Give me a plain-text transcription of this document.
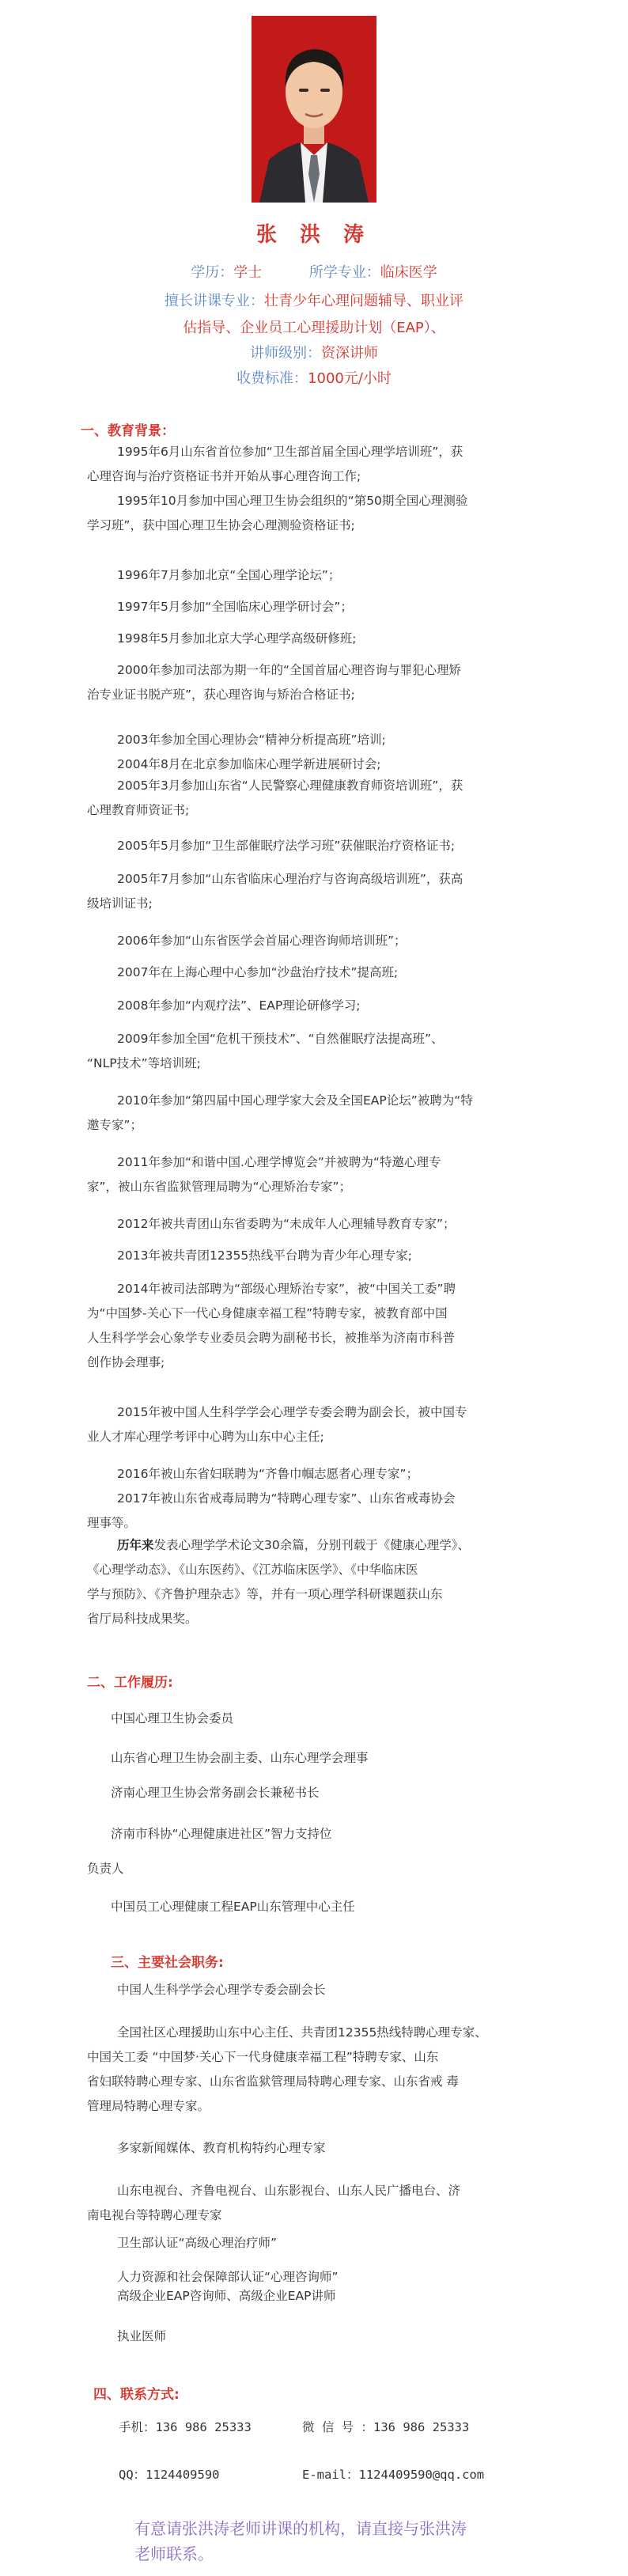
张 洪 涛
学历：学士	所学专业：临床医学
擅长讲课专业：壮青少年心理问题辅导、职业评
估指导、企业员工心理援助计划（EAP）、
讲师级别：资深讲师
收费标准：1000元/小时
一、教育背景：
1995年6月山东省首位参加“卫生部首届全国心理学培训班”，获
心理咨询与治疗资格证书并开始从事心理咨询工作;
1995年10月参加中国心理卫生协会组织的“第50期全国心理测验
学习班”，获中国心理卫生协会心理测验资格证书;
1996年7月参加北京“全国心理学论坛”；
1997年5月参加“全国临床心理学研讨会”；
1998年5月参加北京大学心理学高级研修班;
2000年参加司法部为期一年的“全国首届心理咨询与罪犯心理矫
治专业证书脱产班”，获心理咨询与矫治合格证书;
2003年参加全国心理协会“精神分析提高班”培训;
2004年8月在北京参加临床心理学新进展研讨会;
2005年3月参加山东省“人民警察心理健康教育师资培训班”，获
心理教育师资证书;
2005年5月参加“卫生部催眠疗法学习班”获催眠治疗资格证书;
2005年7月参加“山东省临床心理治疗与咨询高级培训班”，获高
级培训证书;
2006年参加“山东省医学会首届心理咨询师培训班”；
2007年在上海心理中心参加“沙盘治疗技术”提高班;
2008年参加“内观疗法”、EAP理论研修学习;
2009年参加全国“危机干预技术”、“自然催眠疗法提高班”、
“NLP技术”等培训班;
2010年参加“第四届中国心理学家大会及全国EAP论坛”被聘为“特
邀专家”；
2011年参加“和谐中国.心理学博览会”并被聘为“特邀心理专
家”，被山东省监狱管理局聘为“心理矫治专家”；
2012年被共青团山东省委聘为“未成年人心理辅导教育专家”；
2013年被共青团12355热线平台聘为青少年心理专家;
2014年被司法部聘为“部级心理矫治专家”，被“中国关工委”聘
为“中国梦-关心下一代心身健康幸福工程”特聘专家，被教育部中国
人生科学学会心象学专业委员会聘为副秘书长，被推举为济南市科普
创作协会理事;
2015年被中国人生科学学会心理学专委会聘为副会长，被中国专
业人才库心理学考评中心聘为山东中心主任;
2016年被山东省妇联聘为“齐鲁巾帼志愿者心理专家”；
2017年被山东省戒毒局聘为“特聘心理专家”、山东省戒毒协会
理事等。
历年来发表心理学学术论文30余篇，分别刊载于《健康心理学》、
《心理学动态》、《山东医药》、《江苏临床医学》、《中华临床医
学与预防》、《齐鲁护理杂志》等，并有一项心理学科研课题获山东
省厅局科技成果奖。
二、工作履历:
中国心理卫生协会委员
山东省心理卫生协会副主委、山东心理学会理事
济南心理卫生协会常务副会长兼秘书长
济南市科协“心理健康进社区”智力支持位
负责人
中国员工心理健康工程EAP山东管理中心主任
三、主要社会职务:
中国人生科学学会心理学专委会副会长
全国社区心理援助山东中心主任、共青团12355热线特聘心理专家、
中国关工委 “中国梦·关心下一代身健康幸福工程”特聘专家、山东
省妇联特聘心理专家、山东省监狱管理局特聘心理专家、山东省戒 毒
管理局特聘心理专家。
多家新闻媒体、教育机构特约心理专家
山东电视台、齐鲁电视台、山东影视台、山东人民广播电台、济
南电视台等特聘心理专家
卫生部认证“高级心理治疗师”
人力资源和社会保障部认证“心理咨询师”
高级企业EAP咨询师、高级企业EAP讲师
执业医师
四、联系方式:
手机：136 986 25333	微 信 号 ：136 986 25333
QQ：1124409590	E-mail：1124409590@qq.com
有意请张洪涛老师讲课的机构，请直接与张洪涛
老师联系。
